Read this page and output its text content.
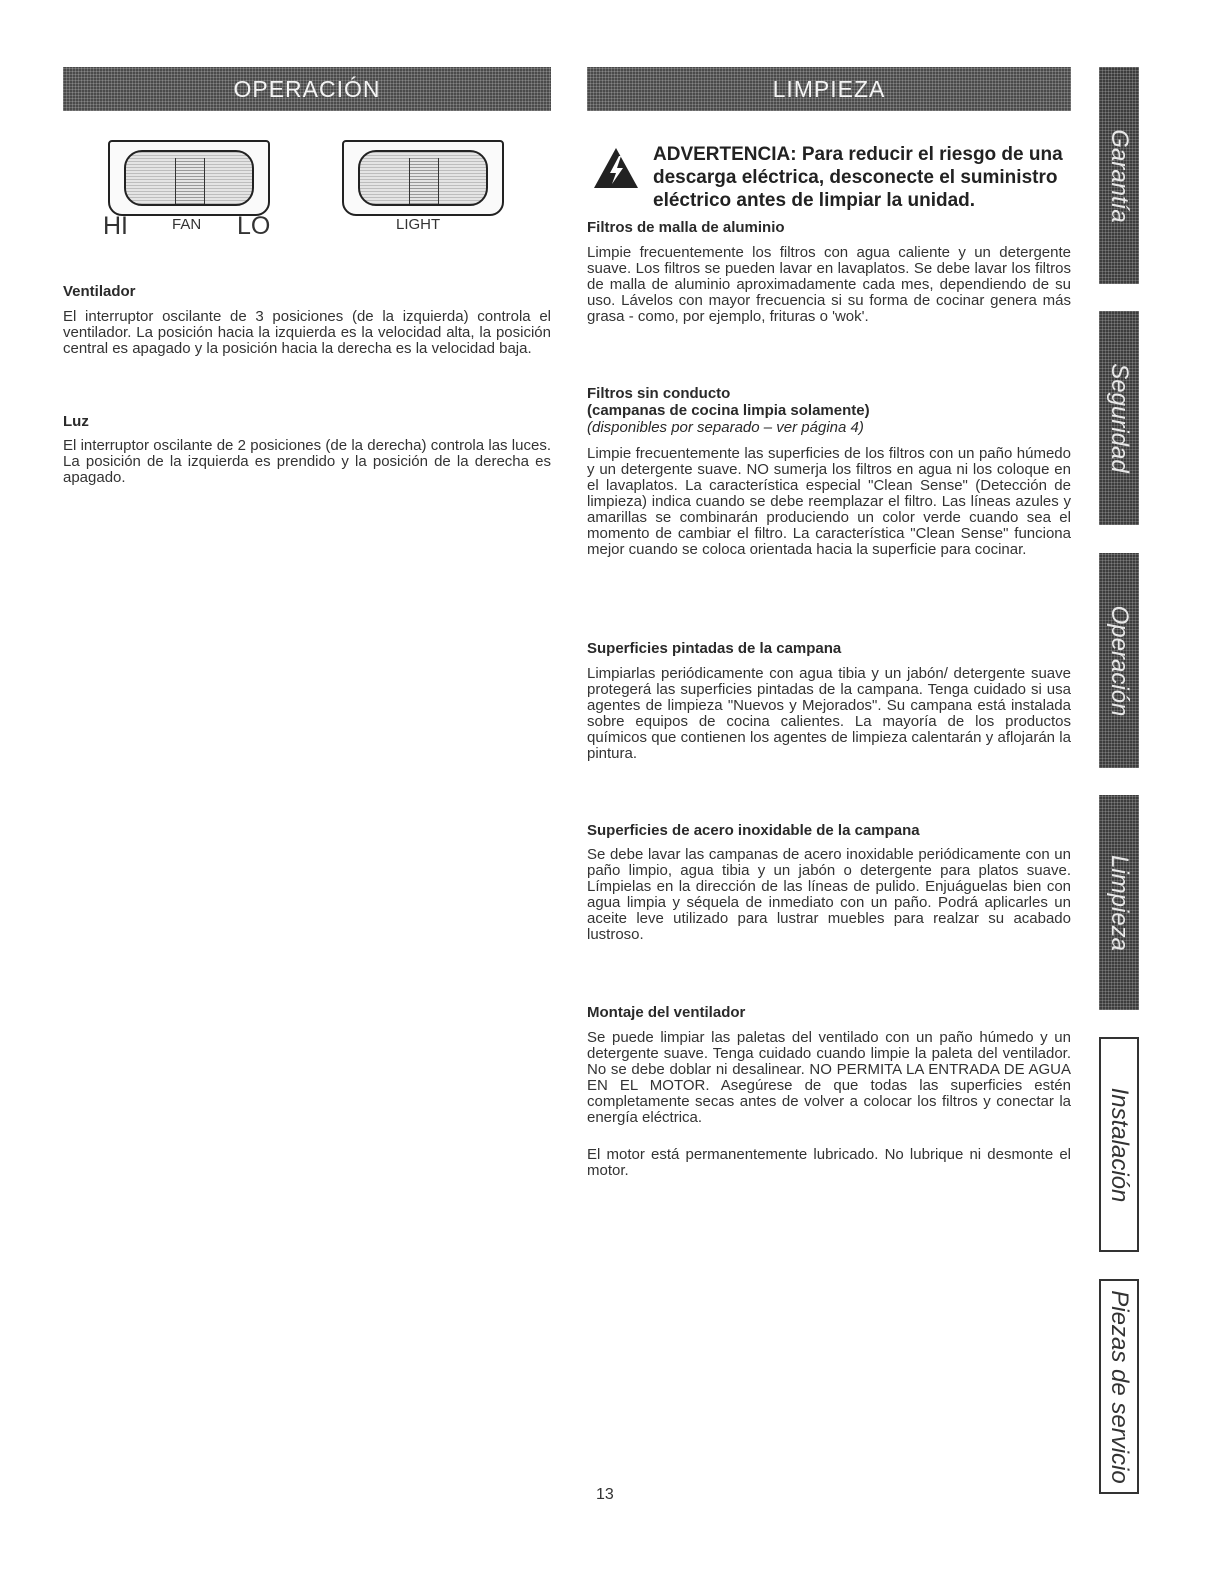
OPERACIÓN	LIMPIEZA
HI	FAN LO	LIGHT
Ventilador

El interruptor oscilante de 3 posiciones (de la izquierda) controla el ventilador. La posición hacia la izquierda es la velocidad alta, la posición central es apagado y la posición hacia la derecha es la velocidad baja.

Luz

El interruptor oscilante de 2 posiciones (de la derecha) controla las luces. La posición de la izquierda es prendido y la posición de la derecha es apagado.

ADVERTENCIA: Para reducir el riesgo de una descarga eléctrica, desconecte el suministro eléctrico antes de limpiar la unidad.

Filtros de malla de aluminio

Limpie frecuentemente los filtros con agua caliente y un detergente suave. Los filtros se pueden lavar en lavaplatos. Se debe lavar los filtros de malla de aluminio aproximadamente cada mes, dependiendo de su uso. Lávelos con mayor frecuencia si su forma de cocinar genera más grasa - como, por ejemplo, frituras o 'wok'.

Filtros sin conducto
(campanas de cocina limpia solamente)
(disponibles por separado – ver página 4)

Limpie frecuentemente las superficies de los filtros con un paño húmedo y un detergente suave. NO sumerja los filtros en agua ni los coloque en el lavaplatos. La característica especial "Clean Sense" (Detección de limpieza) indica cuando se debe reemplazar el filtro. Las líneas azules y amarillas se combinarán produciendo un color verde cuando sea el momento de cambiar el filtro. La característica "Clean Sense" funciona mejor cuando se coloca orientada hacia la superficie para cocinar.

Superficies pintadas de la campana

Limpiarlas periódicamente con agua tibia y un jabón/ detergente suave protegerá las superficies pintadas de la campana. Tenga cuidado si usa agentes de limpieza "Nuevos y Mejorados". Su campana está instalada sobre equipos de cocina calientes. La mayoría de los productos químicos que contienen los agentes de limpieza calentarán y aflojarán la pintura.

Superficies de acero inoxidable de la campana

Se debe lavar las campanas de acero inoxidable periódicamente con un paño limpio, agua tibia y un jabón o detergente para platos suave. Límpielas en la dirección de las líneas de pulido. Enjuáguelas bien con agua limpia y séquela de inmediato con un paño. Podrá aplicarles un aceite leve utilizado para lustrar muebles para realzar su acabado lustroso.

Montaje del ventilador

Se puede limpiar las paletas del ventilado con un paño húmedo y un detergente suave. Tenga cuidado cuando limpie la paleta del ventilador. No se debe doblar ni desalinear. NO PERMITA LA ENTRADA DE AGUA EN EL MOTOR. Asegúrese de que todas las superficies estén completamente secas antes de volver a colocar los filtros y conectar la energía eléctrica.

El motor está permanentemente lubricado. No lubrique ni desmonte el motor.

Garantía
Seguridad
Operación
Limpieza
Instalación
Piezas de servicio
13
